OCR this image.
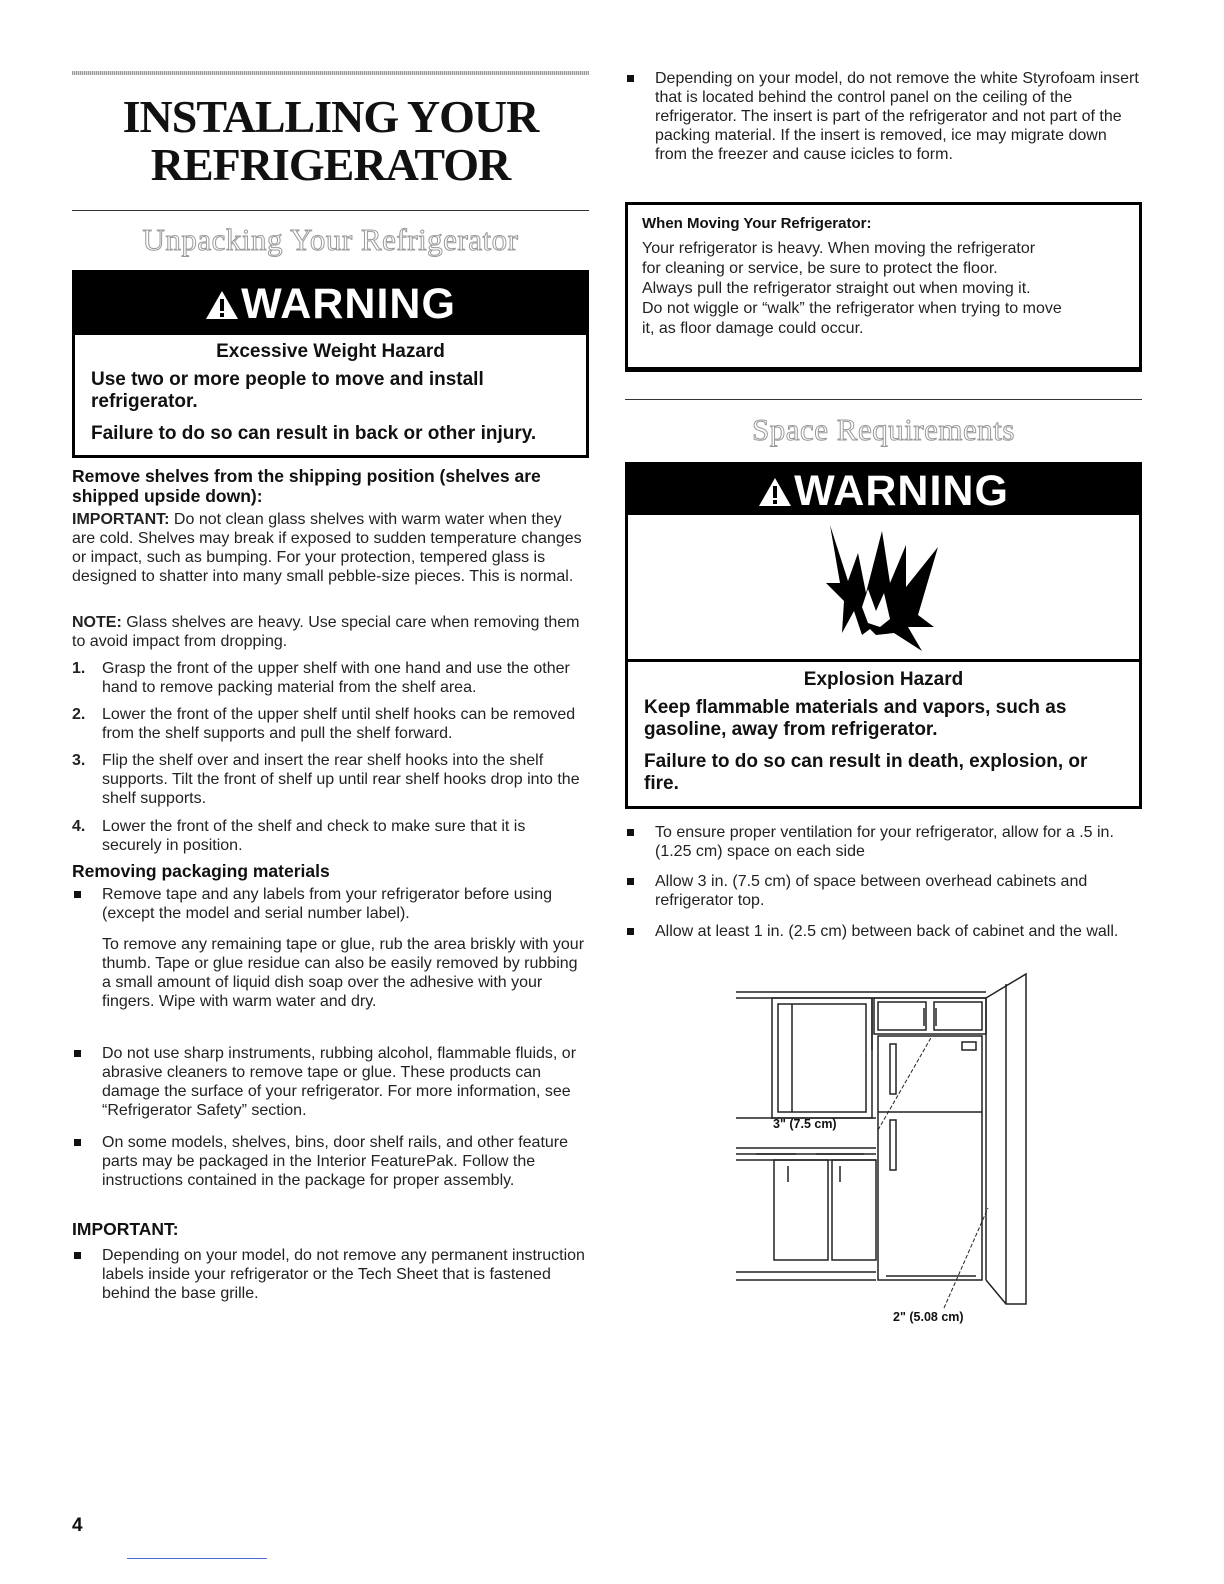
INSTALLING YOUR
REFRIGERATOR
Unpacking Your Refrigerator
WARNING
Excessive Weight Hazard
Use two or more people to move and install refrigerator.
Failure to do so can result in back or other injury.
Remove shelves from the shipping position (shelves are shipped upside down):
IMPORTANT: Do not clean glass shelves with warm water when they are cold. Shelves may break if exposed to sudden temperature changes or impact, such as bumping. For your protection, tempered glass is designed to shatter into many small pebble-size pieces. This is normal.
NOTE: Glass shelves are heavy. Use special care when removing them to avoid impact from dropping.
1. Grasp the front of the upper shelf with one hand and use the other hand to remove packing material from the shelf area.
2. Lower the front of the upper shelf until shelf hooks can be removed from the shelf supports and pull the shelf forward.
3. Flip the shelf over and insert the rear shelf hooks into the shelf supports. Tilt the front of shelf up until rear shelf hooks drop into the shelf supports.
4. Lower the front of the shelf and check to make sure that it is securely in position.
Removing packaging materials
Remove tape and any labels from your refrigerator before using (except the model and serial number label).
To remove any remaining tape or glue, rub the area briskly with your thumb. Tape or glue residue can also be easily removed by rubbing a small amount of liquid dish soap over the adhesive with your fingers. Wipe with warm water and dry.
Do not use sharp instruments, rubbing alcohol, flammable fluids, or abrasive cleaners to remove tape or glue. These products can damage the surface of your refrigerator. For more information, see “Refrigerator Safety” section.
On some models, shelves, bins, door shelf rails, and other feature parts may be packaged in the Interior FeaturePak. Follow the instructions contained in the package for proper assembly.
IMPORTANT:
Depending on your model, do not remove any permanent instruction labels inside your refrigerator or the Tech Sheet that is fastened behind the base grille.
4
Depending on your model, do not remove the white Styrofoam insert that is located behind the control panel on the ceiling of the refrigerator. The insert is part of the refrigerator and not part of the packing material. If the insert is removed, ice may migrate down from the freezer and cause icicles to form.
When Moving Your Refrigerator:
Your refrigerator is heavy. When moving the refrigerator
for cleaning or service, be sure to protect the floor.
Always pull the refrigerator straight out when moving it.
Do not wiggle or “walk” the refrigerator when trying to move
it, as floor damage could occur.
Space Requirements
WARNING
Explosion Hazard
Keep flammable materials and vapors, such as gasoline, away from refrigerator.
Failure to do so can result in death, explosion, or fire.
To ensure proper ventilation for your refrigerator, allow for a .5 in. (1.25 cm) space on each side
Allow 3 in. (7.5 cm) of space between overhead cabinets and refrigerator top.
Allow at least 1 in. (2.5 cm) between back of cabinet and the wall.
3" (7.5 cm)
2" (5.08 cm)
